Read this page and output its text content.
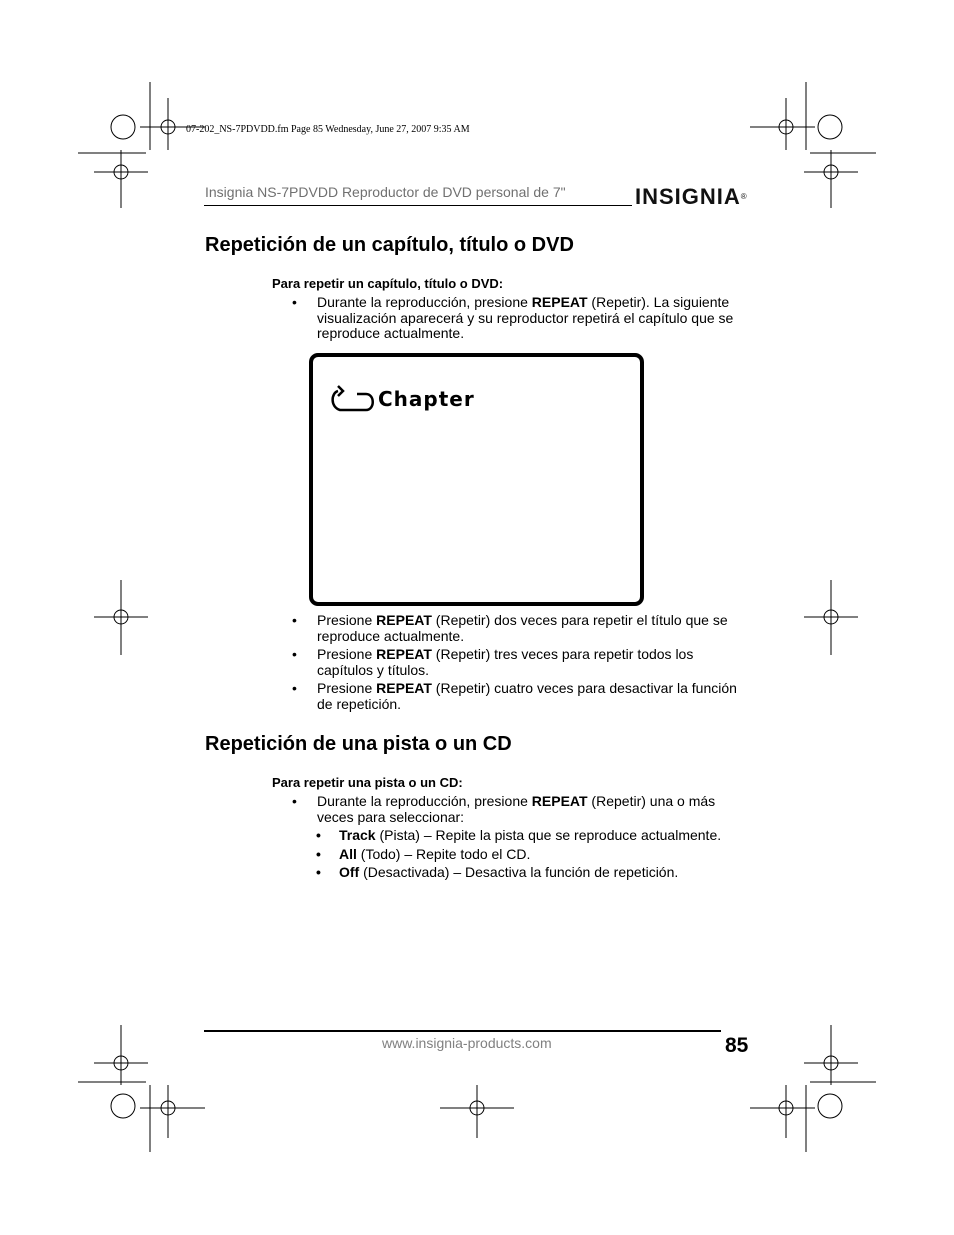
07-202_NS-7PDVDD.fm Page 85 Wednesday, June 27, 2007 9:35 AM
Insignia NS-7PDVDD Reproductor de DVD personal de 7"	INSIGNIA®
Repetición de un capítulo, título o DVD
Para repetir un capítulo, título o DVD:
• Durante la reproducción, presione REPEAT (Repetir). La siguiente visualización aparecerá y su reproductor repetirá el capítulo que se reproduce actualmente.
Chapter
• Presione REPEAT (Repetir) dos veces para repetir el título que se reproduce actualmente.
• Presione REPEAT (Repetir) tres veces para repetir todos los capítulos y títulos.
• Presione REPEAT (Repetir) cuatro veces para desactivar la función de repetición.
Repetición de una pista o un CD
Para repetir una pista o un CD:
• Durante la reproducción, presione REPEAT (Repetir) una o más veces para seleccionar:
• Track (Pista) – Repite la pista que se reproduce actualmente.
• All (Todo) – Repite todo el CD.
• Off (Desactivada) – Desactiva la función de repetición.
www.insignia-products.com	85
